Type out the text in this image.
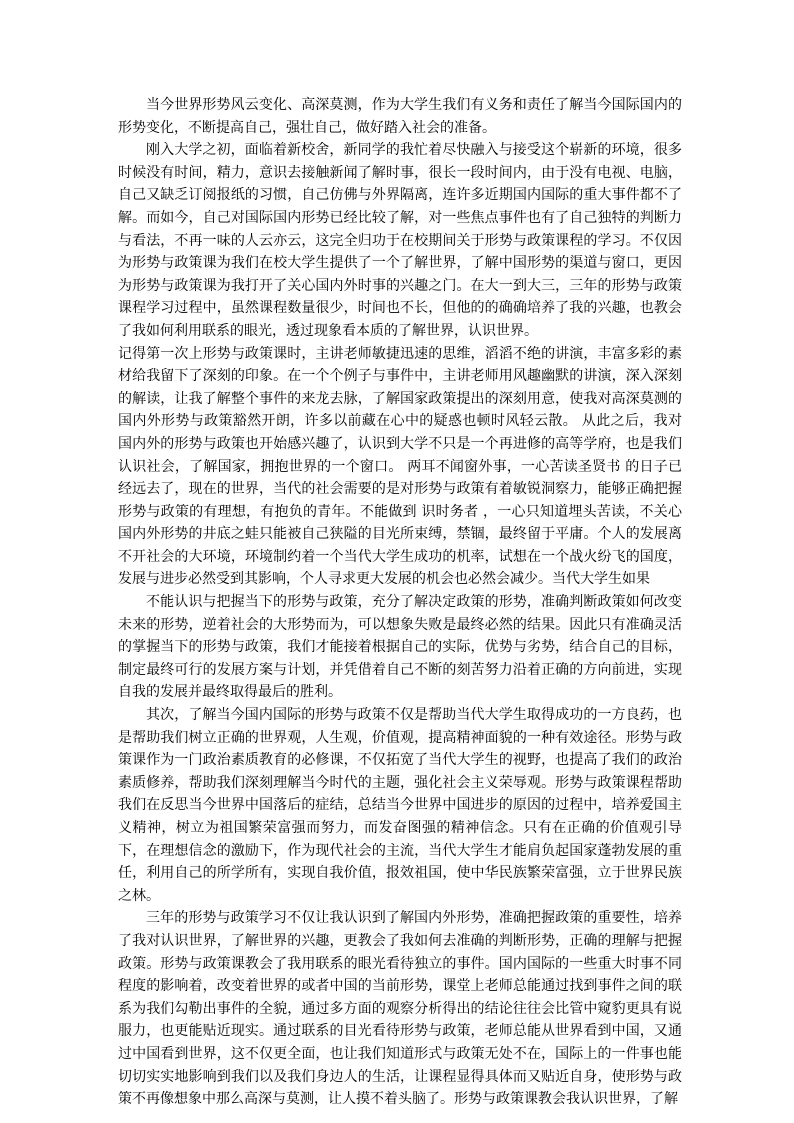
当今世界形势风云变化、高深莫测，作为大学生我们有义务和责任了解当今国际国内的形势变化，不断提高自己，强壮自己，做好踏入社会的准备。

刚入大学之初，面临着新校舍，新同学的我忙着尽快融入与接受这个崭新的环境，很多时候没有时间，精力，意识去接触新闻了解时事，很长一段时间内，由于没有电视、电脑，自己又缺乏订阅报纸的习惯，自己仿佛与外界隔离，连许多近期国内国际的重大事件都不了解。而如今，自己对国际国内形势已经比较了解，对一些焦点事件也有了自己独特的判断力与看法，不再一味的人云亦云，这完全归功于在校期间关于形势与政策课程的学习。不仅因为形势与政策课为我们在校大学生提供了一个了解世界，了解中国形势的渠道与窗口，更因为形势与政策课为我打开了关心国内外时事的兴趣之门。在大一到大三，三年的形势与政策课程学习过程中，虽然课程数量很少，时间也不长，但他的的确确培养了我的兴趣，也教会了我如何利用联系的眼光，透过现象看本质的了解世界，认识世界。

记得第一次上形势与政策课时，主讲老师敏捷迅速的思维，滔滔不绝的讲演，丰富多彩的素材给我留下了深刻的印象。在一个个例子与事件中，主讲老师用风趣幽默的讲演，深入深刻的解读，让我了解整个事件的来龙去脉，了解国家政策提出的深刻用意，使我对高深莫测的国内外形势与政策豁然开朗，许多以前藏在心中的疑惑也顿时风轻云散。 从此之后，我对国内外的形势与政策也开始感兴趣了，认识到大学不只是一个再进修的高等学府，也是我们认识社会，了解国家，拥抱世界的一个窗口。 两耳不闻窗外事，一心苦读圣贤书 的日子已经远去了，现在的世界，当代的社会需要的是对形势与政策有着敏锐洞察力，能够正确把握形势与政策的有理想，有抱负的青年。不能做到 识时务者 ，一心只知道埋头苦读，不关心国内外形势的井底之蛙只能被自己狭隘的目光所束缚，禁锢，最终留于平庸。个人的发展离不开社会的大环境，环境制约着一个当代大学生成功的机率，试想在一个战火纷飞的国度，发展与进步必然受到其影响，个人寻求更大发展的机会也必然会减少。当代大学生如果

不能认识与把握当下的形势与政策，充分了解决定政策的形势，准确判断政策如何改变未来的形势，逆着社会的大形势而为，可以想象失败是最终必然的结果。因此只有准确灵活的掌握当下的形势与政策，我们才能接着根据自己的实际，优势与劣势，结合自己的目标，制定最终可行的发展方案与计划，并凭借着自己不断的刻苦努力沿着正确的方向前进，实现自我的发展并最终取得最后的胜利。

其次，了解当今国内国际的形势与政策不仅是帮助当代大学生取得成功的一方良药，也是帮助我们树立正确的世界观，人生观，价值观，提高精神面貌的一种有效途径。形势与政策课作为一门政治素质教育的必修课，不仅拓宽了当代大学生的视野，也提高了我们的政治素质修养，帮助我们深刻理解当今时代的主题，强化社会主义荣辱观。形势与政策课程帮助我们在反思当今世界中国落后的症结，总结当今世界中国进步的原因的过程中，培养爱国主义精神，树立为祖国繁荣富强而努力，而发奋图强的精神信念。只有在正确的价值观引导下，在理想信念的激励下，作为现代社会的主流，当代大学生才能肩负起国家蓬勃发展的重任，利用自己的所学所有，实现自我价值，报效祖国，使中华民族繁荣富强，立于世界民族之林。

三年的形势与政策学习不仅让我认识到了解国内外形势，准确把握政策的重要性，培养了我对认识世界，了解世界的兴趣，更教会了我如何去准确的判断形势，正确的理解与把握政策。形势与政策课教会了我用联系的眼光看待独立的事件。国内国际的一些重大时事不同程度的影响着，改变着世界的或者中国的当前形势，课堂上老师总能通过找到事件之间的联系为我们勾勒出事件的全貌，通过多方面的观察分析得出的结论往往会比管中窥豹更具有说服力，也更能贴近现实。通过联系的目光看待形势与政策，老师总能从世界看到中国，又通过中国看到世界，这不仅更全面，也让我们知道形式与政策无处不在，国际上的一件事也能切切实实地影响到我们以及我们身边人的生活，让课程显得具体而又贴近自身，使形势与政策不再像想象中那么高深与莫测，让人摸不着头脑了。形势与政策课教会我认识世界，了解
